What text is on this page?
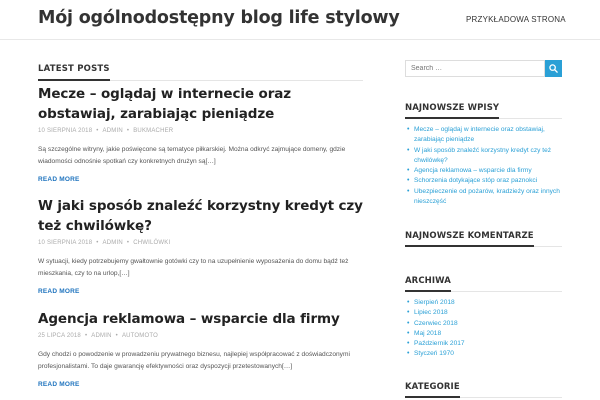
Mój ogólnodostępny blog life stylowy	PRZYKŁADOWA STRONA
LATEST POSTS
Mecze – oglądaj w internecie oraz obstawiaj, zarabiając pieniądze
10 SIERPNIA 2018 • ADMIN • BUKMACHER
Są szczególne witryny, jakie poświęcone są tematyce piłkarskiej. Można odkryć zajmujące domeny, gdzie wiadomości odnośnie spotkań czy konkretnych drużyn są[…]
READ MORE
W jaki sposób znaleźć korzystny kredyt czy też chwilówkę?
10 SIERPNIA 2018 • ADMIN • CHWILÓWKI
W sytuacji, kiedy potrzebujemy gwałtownie gotówki czy to na uzupełnienie wyposażenia do domu bądź też mieszkania, czy to na urlop,[…]
READ MORE
Agencja reklamowa – wsparcie dla firmy
25 LIPCA 2018 • ADMIN • AUTOMOTO
Gdy chodzi o powodzenie w prowadzeniu prywatnego biznesu, najlepiej współpracować z doświadczonymi profesjonalistami. To daje gwarancję efektywności oraz dyspozycji przetestowanych[…]
READ MORE
Search …
NAJNOWSZE WPISY
• Mecze – oglądaj w internecie oraz obstawiaj, zarabiając pieniądze
• W jaki sposób znaleźć korzystny kredyt czy też chwilówkę?
• Agencja reklamowa – wsparcie dla firmy
• Schorzenia dotykające stóp oraz paznokci
• Ubezpieczenie od pożarów, kradzieży oraz innych nieszczęść
NAJNOWSZE KOMENTARZE
ARCHIWA
• Sierpień 2018
• Lipiec 2018
• Czerwiec 2018
• Maj 2018
• Październik 2017
• Styczeń 1970
KATEGORIE
